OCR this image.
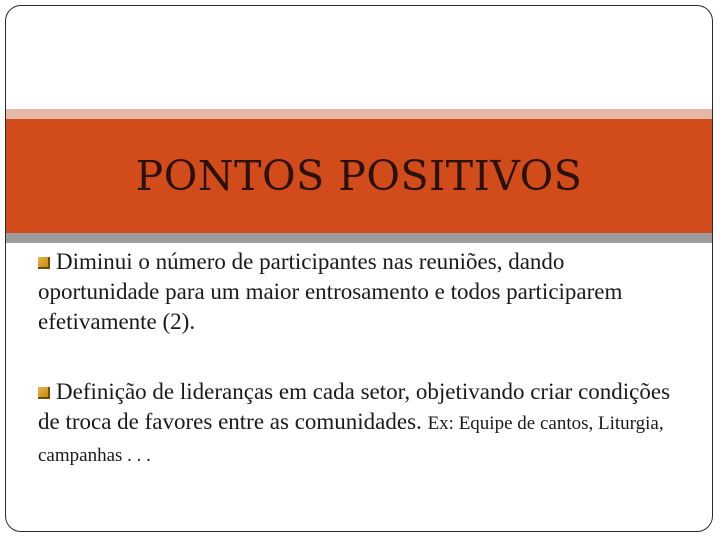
PONTOS POSITIVOS
Diminui o número de participantes nas reuniões, dando oportunidade para um maior entrosamento e todos participarem efetivamente (2).
Definição de lideranças em cada setor, objetivando criar condições de troca de favores entre as comunidades. Ex: Equipe de cantos, Liturgia, campanhas . . .
